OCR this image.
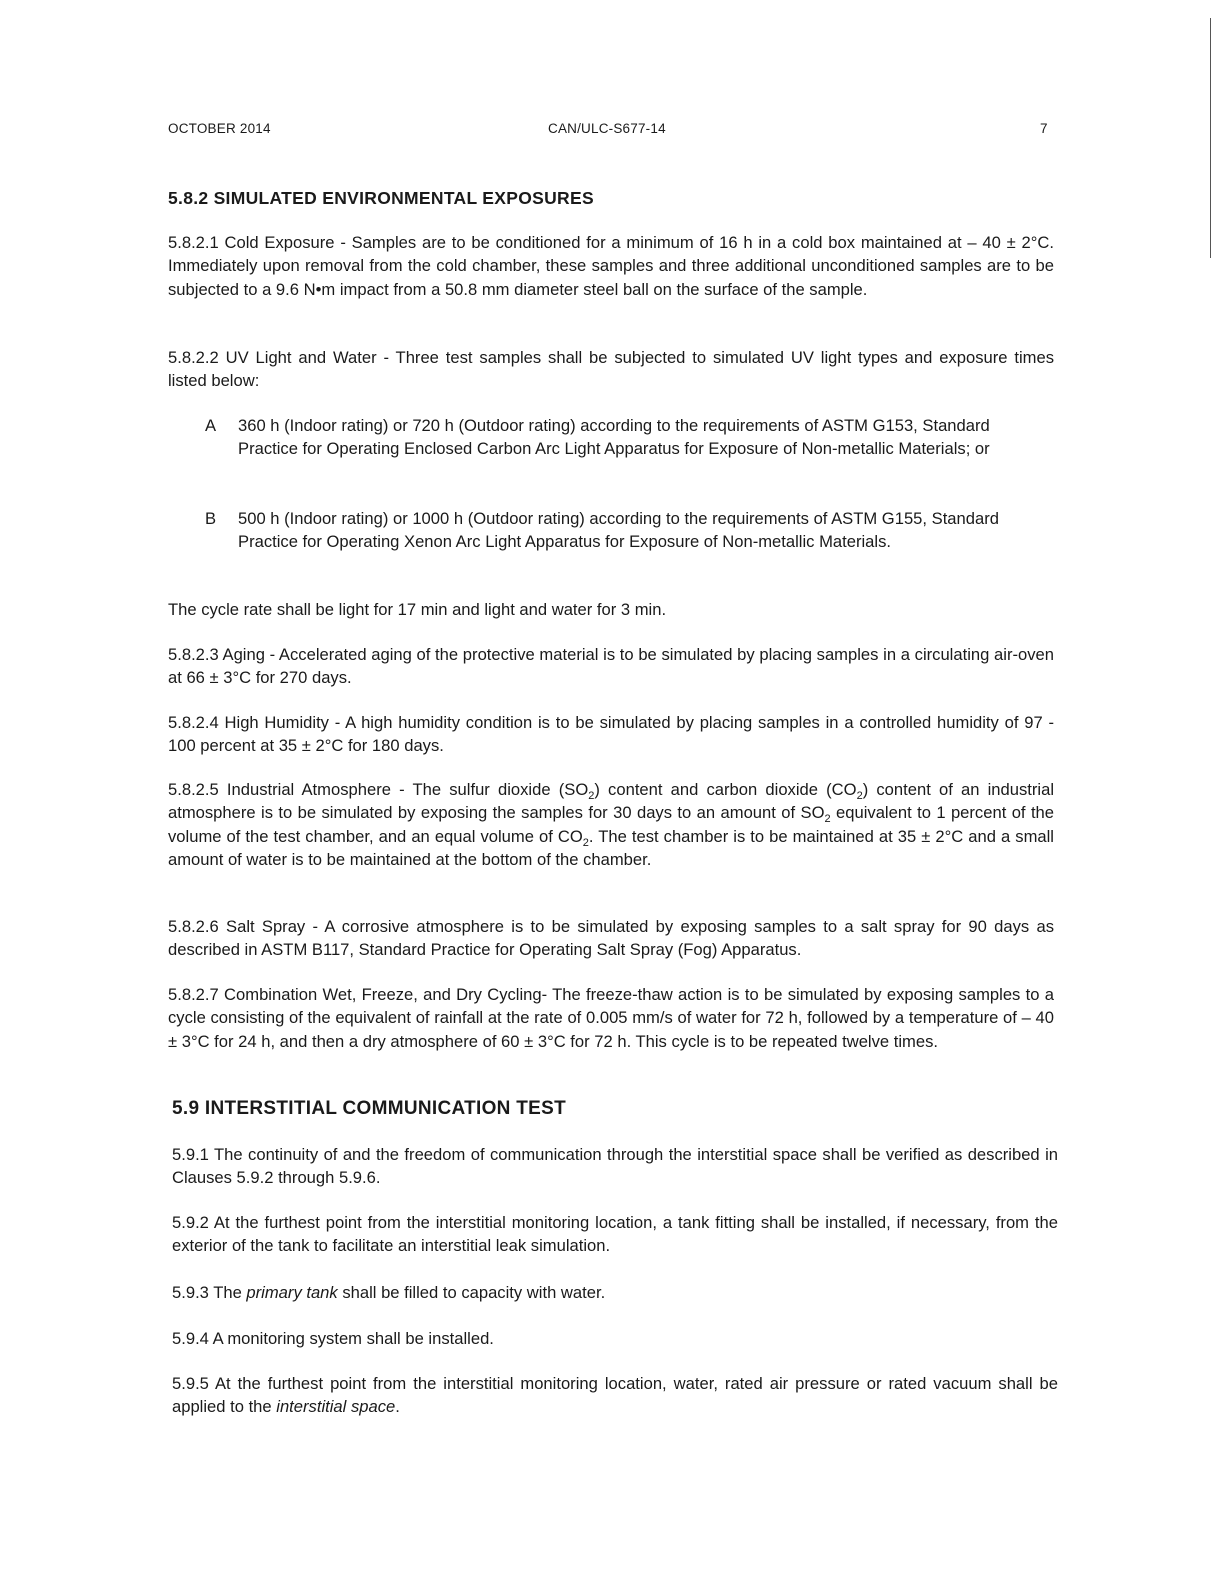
OCTOBER 2014	CAN/ULC-S677-14	7
5.8.2 SIMULATED ENVIRONMENTAL EXPOSURES
5.8.2.1 Cold Exposure - Samples are to be conditioned for a minimum of 16 h in a cold box maintained at – 40 ± 2°C. Immediately upon removal from the cold chamber, these samples and three additional unconditioned samples are to be subjected to a 9.6 N•m impact from a 50.8 mm diameter steel ball on the surface of the sample.
5.8.2.2 UV Light and Water - Three test samples shall be subjected to simulated UV light types and exposure times listed below:
A 360 h (Indoor rating) or 720 h (Outdoor rating) according to the requirements of ASTM G153, Standard Practice for Operating Enclosed Carbon Arc Light Apparatus for Exposure of Non-metallic Materials; or
B 500 h (Indoor rating) or 1000 h (Outdoor rating) according to the requirements of ASTM G155, Standard Practice for Operating Xenon Arc Light Apparatus for Exposure of Non-metallic Materials.
The cycle rate shall be light for 17 min and light and water for 3 min.
5.8.2.3 Aging - Accelerated aging of the protective material is to be simulated by placing samples in a circulating air-oven at 66 ± 3°C for 270 days.
5.8.2.4 High Humidity - A high humidity condition is to be simulated by placing samples in a controlled humidity of 97 - 100 percent at 35 ± 2°C for 180 days.
5.8.2.5 Industrial Atmosphere - The sulfur dioxide $(SO_2)$ content and carbon dioxide $(CO_2)$ content of an industrial atmosphere is to be simulated by exposing the samples for 30 days to an amount of $SO_2$ equivalent to 1 percent of the volume of the test chamber, and an equal volume of $CO_2$. The test chamber is to be maintained at 35 ± 2°C and a small amount of water is to be maintained at the bottom of the chamber.
5.8.2.6 Salt Spray - A corrosive atmosphere is to be simulated by exposing samples to a salt spray for 90 days as described in ASTM B117, Standard Practice for Operating Salt Spray (Fog) Apparatus.
5.8.2.7 Combination Wet, Freeze, and Dry Cycling- The freeze-thaw action is to be simulated by exposing samples to a cycle consisting of the equivalent of rainfall at the rate of 0.005 mm/s of water for 72 h, followed by a temperature of – 40 ± 3°C for 24 h, and then a dry atmosphere of 60 ± 3°C for 72 h. This cycle is to be repeated twelve times.
5.9 INTERSTITIAL COMMUNICATION TEST
5.9.1 The continuity of and the freedom of communication through the interstitial space shall be verified as described in Clauses 5.9.2 through 5.9.6.
5.9.2 At the furthest point from the interstitial monitoring location, a tank fitting shall be installed, if necessary, from the exterior of the tank to facilitate an interstitial leak simulation.
5.9.3 The primary tank shall be filled to capacity with water.
5.9.4 A monitoring system shall be installed.
5.9.5 At the furthest point from the interstitial monitoring location, water, rated air pressure or rated vacuum shall be applied to the interstitial space.
